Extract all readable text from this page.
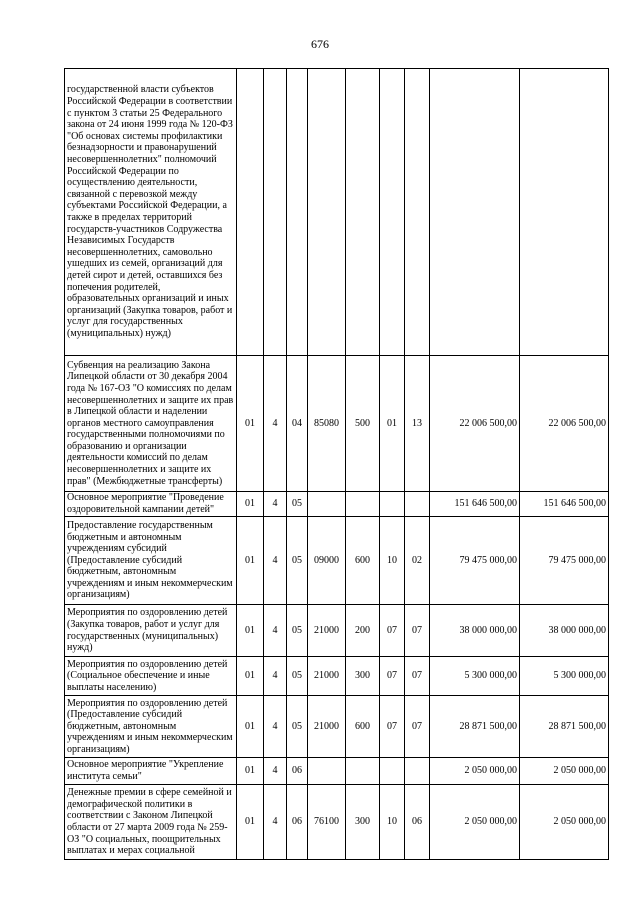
676
государственной власти субъектов Российской Федерации в соответствии с пунктом 3 статьи 25 Федерального закона от 24 июня 1999 года № 120-ФЗ "Об основах системы профилактики безнадзорности и правонарушений несовершеннолетних" полномочий Российской Федерации по осуществлению деятельности, связанной с перевозкой между субъектами Российской Федерации, а также в пределах территорий государств-участников Содружества Независимых Государств несовершеннолетних, самовольно ушедших из семей, организаций для детей сирот и детей, оставшихся без попечения родителей, образовательных организаций и иных организаций (Закупка товаров, работ и услуг для государственных (муниципальных) нужд)									
Субвенция на реализацию Закона Липецкой области от 30 декабря 2004 года № 167-ОЗ "О комиссиях по делам несовершеннолетних и защите их прав в Липецкой области и наделении органов местного самоуправления государственными полномочиями по образованию и организации деятельности комиссий по делам несовершеннолетних и защите их прав" (Межбюджетные трансферты)	01	4	04	85080	500	01	13	22 006 500,00	22 006 500,00
Основное мероприятие "Проведение оздоровительной кампании детей"	01	4	05					151 646 500,00	151 646 500,00
Предоставление государственным бюджетным и автономным учреждениям субсидий (Предоставление субсидий бюджетным, автономным учреждениям и иным некоммерческим организациям)	01	4	05	09000	600	10	02	79 475 000,00	79 475 000,00
Мероприятия по оздоровлению детей (Закупка товаров, работ и услуг для государственных (муниципальных) нужд)	01	4	05	21000	200	07	07	38 000 000,00	38 000 000,00
Мероприятия по оздоровлению детей (Социальное обеспечение и иные выплаты населению)	01	4	05	21000	300	07	07	5 300 000,00	5 300 000,00
Мероприятия по оздоровлению детей (Предоставление субсидий бюджетным, автономным учреждениям и иным некоммерческим организациям)	01	4	05	21000	600	07	07	28 871 500,00	28 871 500,00
Основное мероприятие "Укрепление института семьи"	01	4	06					2 050 000,00	2 050 000,00
Денежные премии в сфере семейной и демографической политики в соответствии с Законом Липецкой области от 27 марта 2009 года № 259-ОЗ "О социальных, поощрительных выплатах и мерах социальной	01	4	06	76100	300	10	06	2 050 000,00	2 050 000,00
